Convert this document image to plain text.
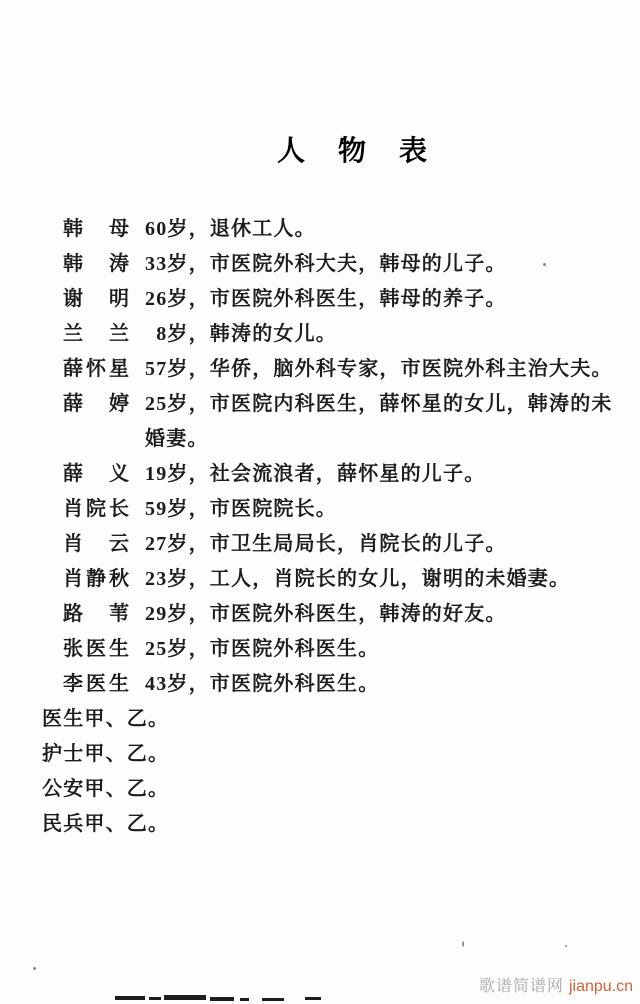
人 物 表
韩母 60岁，退休工人。
韩涛 33岁，市医院外科大夫，韩母的儿子。
谢明 26岁，市医院外科医生，韩母的养子。
兰兰  8岁，韩涛的女儿。
薛怀星 57岁，华侨，脑外科专家，市医院外科主治大夫。
薛婷 25岁，市医院内科医生，薛怀星的女儿，韩涛的未
婚妻。
薛义 19岁，社会流浪者，薛怀星的儿子。
肖院长 59岁，市医院院长。
肖云 27岁，市卫生局局长，肖院长的儿子。
肖静秋 23岁，工人，肖院长的女儿，谢明的未婚妻。
路苇 29岁，市医院外科医生，韩涛的好友。
张医生 25岁，市医院外科医生。
李医生 43岁，市医院外科医生。
医生甲、乙。
护士甲、乙。
公安甲、乙。
民兵甲、乙。
歌谱简谱网 jianpu.cn
